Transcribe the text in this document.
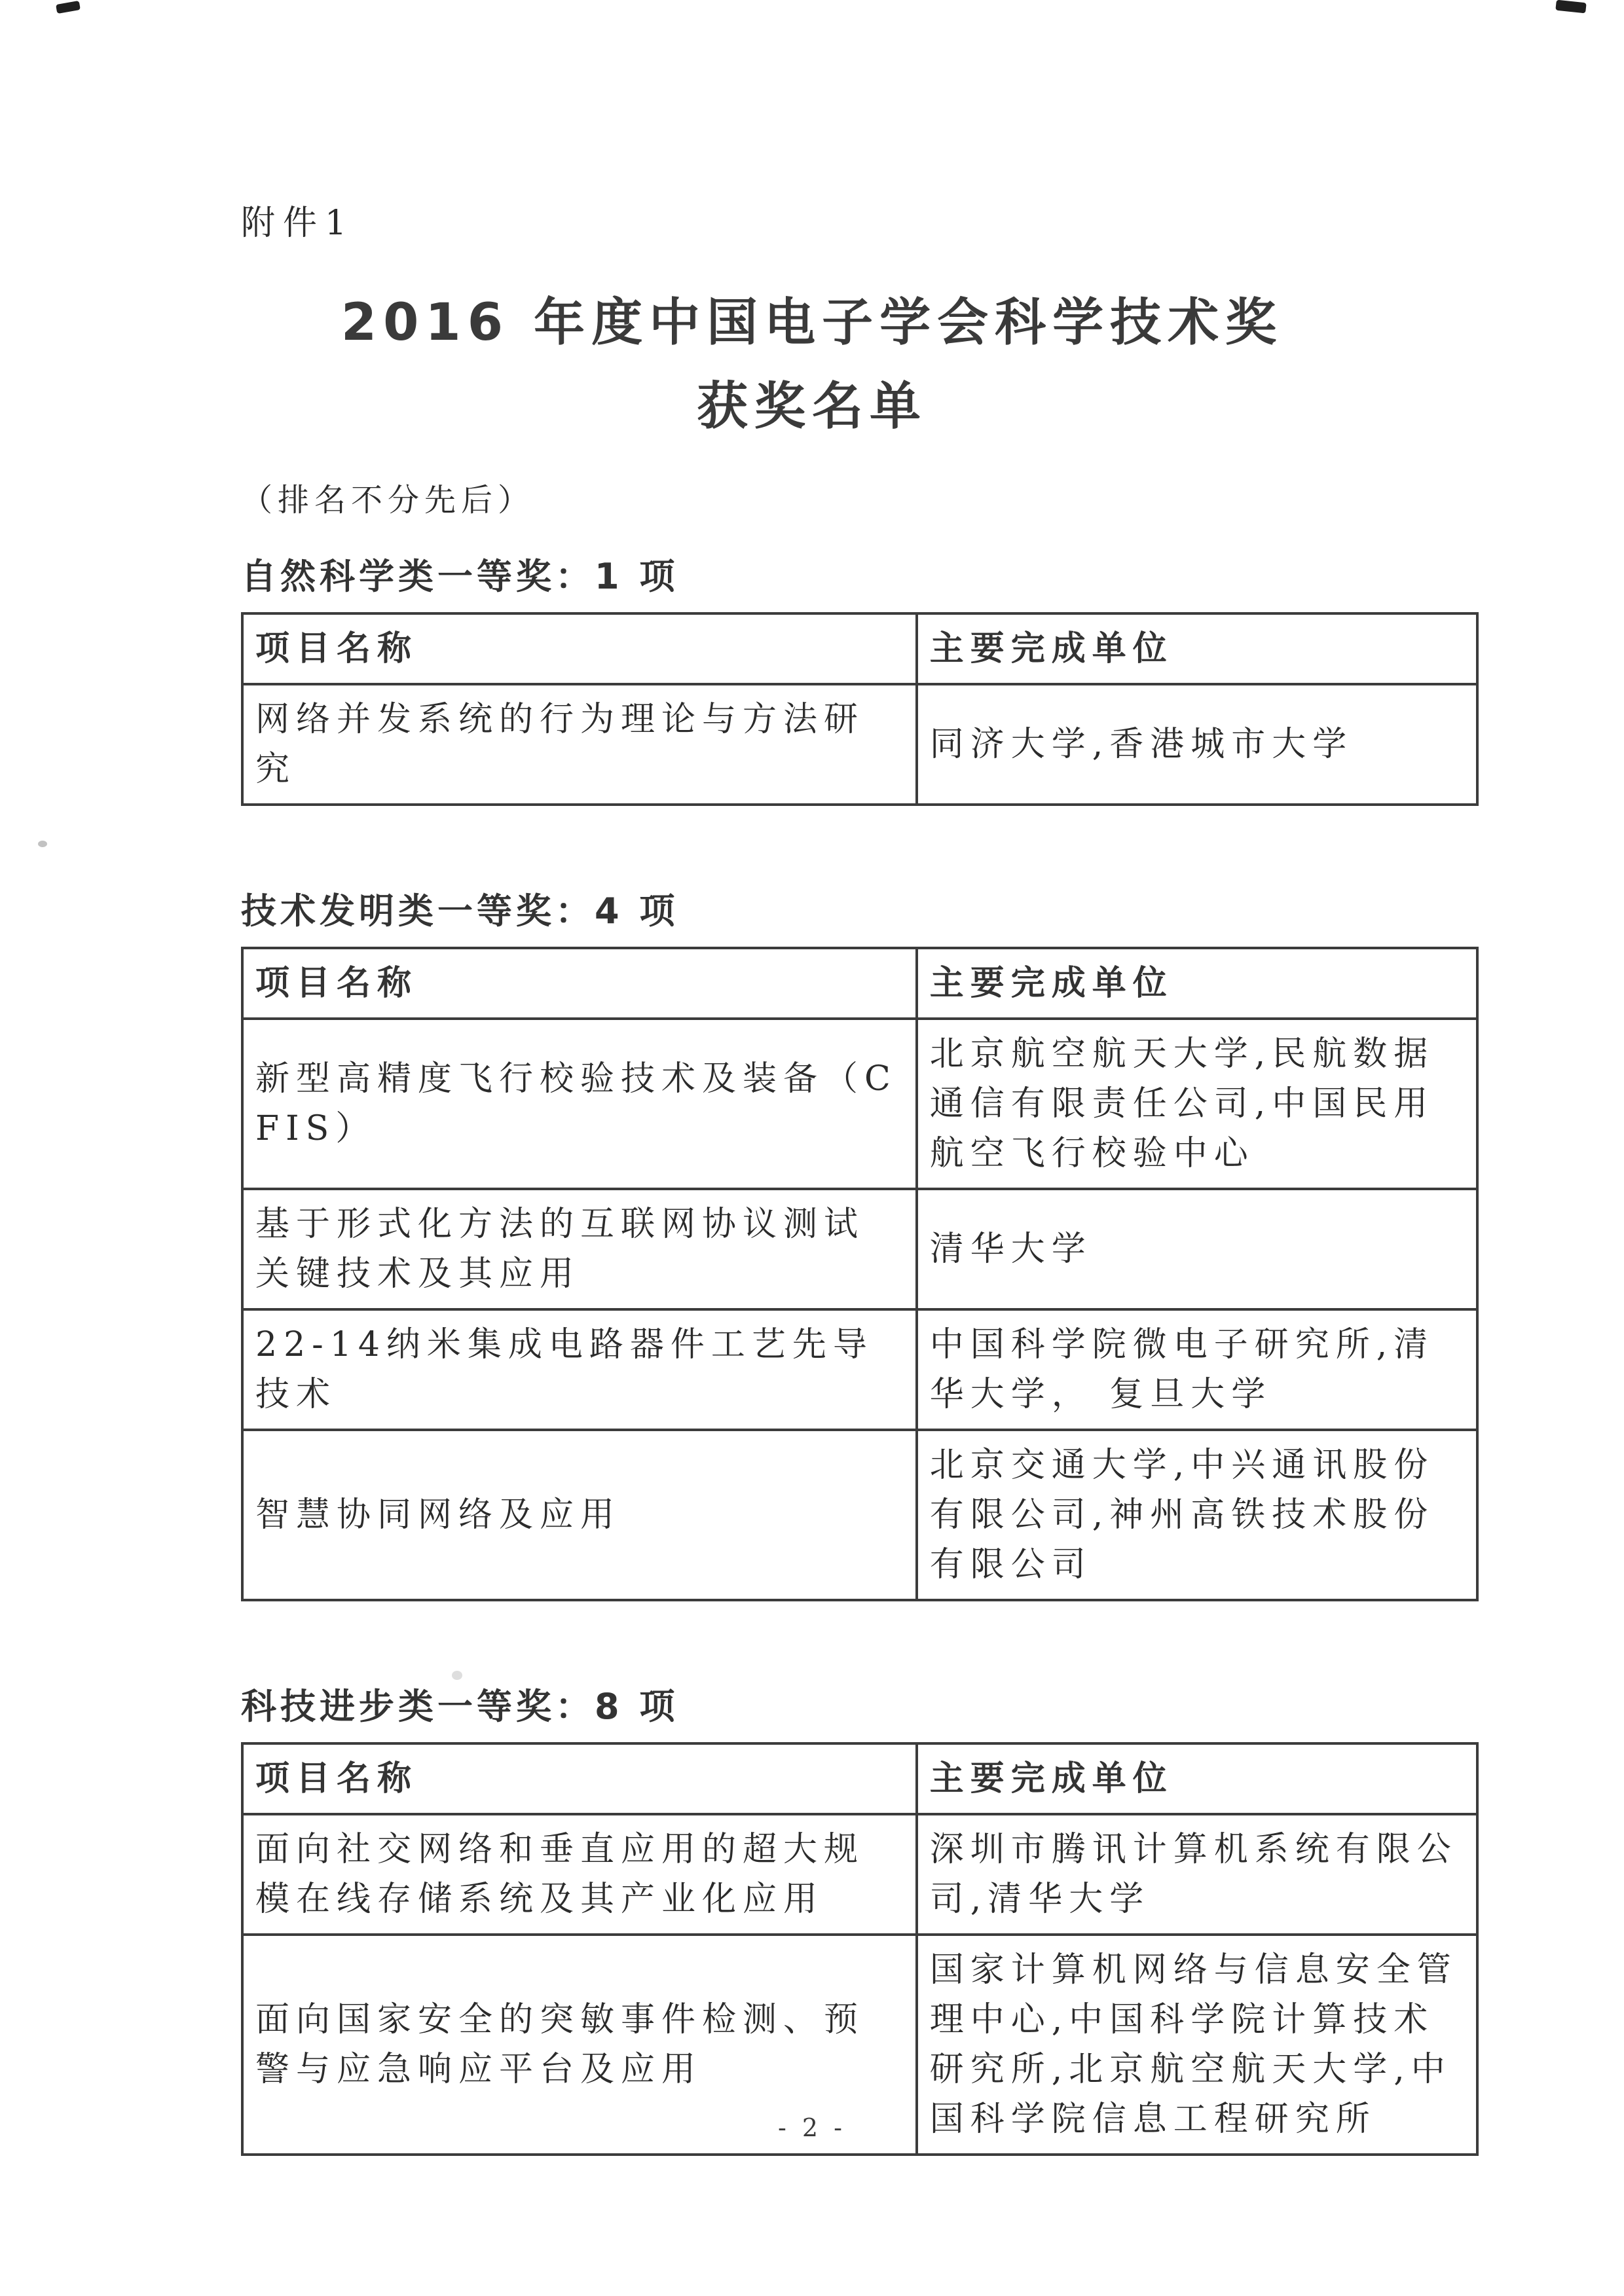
附件1
2016 年度中国电子学会科学技术奖
获奖名单
（排名不分先后）
自然科学类一等奖：1 项
项目名称	主要完成单位
网络并发系统的行为理论与方法研究	同济大学,香港城市大学
技术发明类一等奖：4 项
项目名称	主要完成单位
新型高精度飞行校验技术及装备（CFIS）	北京航空航天大学,民航数据通信有限责任公司,中国民用航空飞行校验中心
基于形式化方法的互联网协议测试关键技术及其应用	清华大学
22-14纳米集成电路器件工艺先导技术	中国科学院微电子研究所,清华大学， 复旦大学
智慧协同网络及应用	北京交通大学,中兴通讯股份有限公司,神州高铁技术股份有限公司
科技进步类一等奖：8 项
项目名称	主要完成单位
面向社交网络和垂直应用的超大规模在线存储系统及其产业化应用	深圳市腾讯计算机系统有限公司,清华大学
面向国家安全的突敏事件检测、预警与应急响应平台及应用	国家计算机网络与信息安全管理中心,中国科学院计算技术研究所,北京航空航天大学,中国科学院信息工程研究所
- 2 -
